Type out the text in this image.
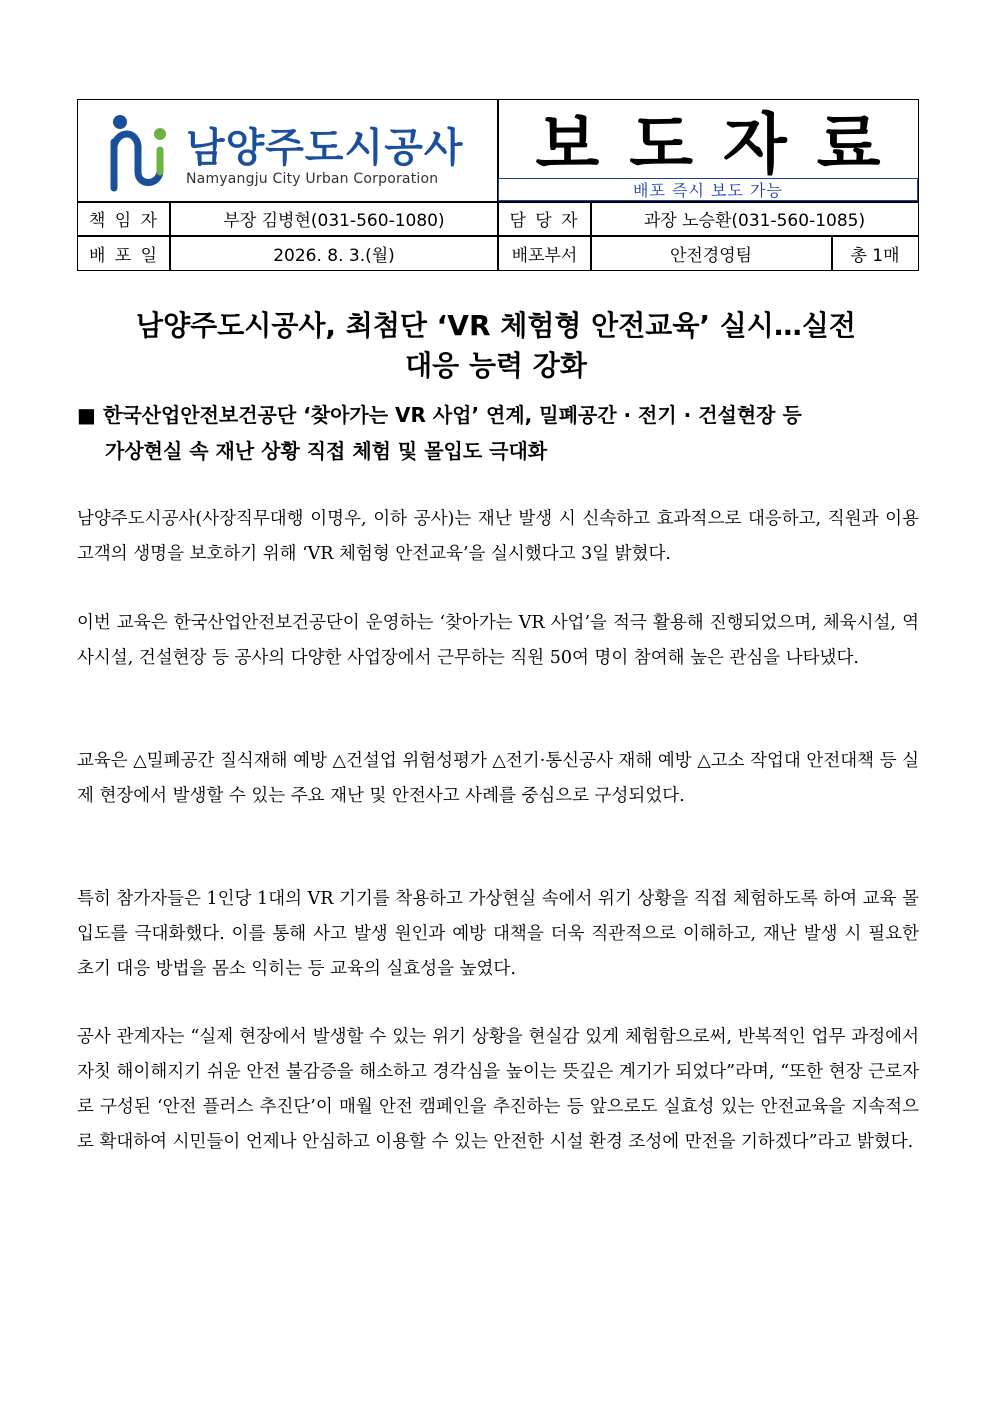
남양주도시공사
Namyangju City Urban Corporation	보도자료
배포 즉시 보도 가능
책 임 자	부장 김병현(031-560-1080)	담 당 자	과장 노승환(031-560-1085)
배 포 일	2026. 8. 3.(월)	배포부서	안전경영팀	총 1매
남양주도시공사, 최첨단 ‘VR 체험형 안전교육’ 실시…실전
대응 능력 강화
■ 한국산업안전보건공단 ‘찾아가는 VR 사업’ 연계, 밀폐공간 · 전기 · 건설현장 등
가상현실 속 재난 상황 직접 체험 및 몰입도 극대화
남양주도시공사(사장직무대행 이명우, 이하 공사)는 재난 발생 시 신속하고 효과적으로 대응하고, 직원과 이용 고객의 생명을 보호하기 위해 ‘VR 체험형 안전교육’을 실시했다고 3일 밝혔다.
이번 교육은 한국산업안전보건공단이 운영하는 ‘찾아가는 VR 사업’을 적극 활용해 진행되었으며, 체육시설, 역사시설, 건설현장 등 공사의 다양한 사업장에서 근무하는 직원 50여 명이 참여해 높은 관심을 나타냈다.
교육은 △밀폐공간 질식재해 예방 △건설업 위험성평가 △전기·통신공사 재해 예방 △고소 작업대 안전대책 등 실제 현장에서 발생할 수 있는 주요 재난 및 안전사고 사례를 중심으로 구성되었다.
특히 참가자들은 1인당 1대의 VR 기기를 착용하고 가상현실 속에서 위기 상황을 직접 체험하도록 하여 교육 몰입도를 극대화했다. 이를 통해 사고 발생 원인과 예방 대책을 더욱 직관적으로 이해하고, 재난 발생 시 필요한 초기 대응 방법을 몸소 익히는 등 교육의 실효성을 높였다.
공사 관계자는 “실제 현장에서 발생할 수 있는 위기 상황을 현실감 있게 체험함으로써, 반복적인 업무 과정에서 자칫 해이해지기 쉬운 안전 불감증을 해소하고 경각심을 높이는 뜻깊은 계기가 되었다”라며, “또한 현장 근로자로 구성된 ‘안전 플러스 추진단’이 매월 안전 캠페인을 추진하는 등 앞으로도 실효성 있는 안전교육을 지속적으로 확대하여 시민들이 언제나 안심하고 이용할 수 있는 안전한 시설 환경 조성에 만전을 기하겠다”라고 밝혔다.
